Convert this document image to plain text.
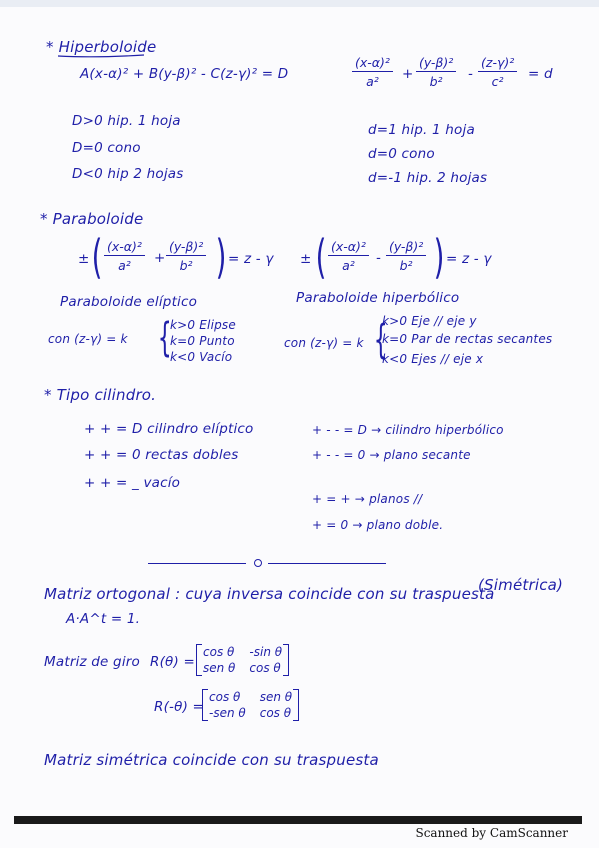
* Hiperboloide
A(x-α)² + B(y-β)² - C(z-γ)² = D	$\frac{\text{(x-α)²}}{\text{a²}} + \frac{\text{(y-β)²}}{\text{b²}} - \frac{\text{(z-γ)²}}{\text{c²}} = d$
D>0 hip. 1 hoja
D=0 cono
D<0 hip 2 hojas
d=1 hip. 1 hoja
d=0 cono
d=-1 hip. 2 hojas
* Paraboloide
± ( $\frac{\text{(x-α)²}}{\text{a²}} + \frac{\text{(y-β)²}}{\text{b²}}$ ) = z - γ ± ( $\frac{\text{(x-α)²}}{\text{a²}} - \frac{\text{(y-β)²}}{\text{b²}}$ ) = z - γ
Paraboloide elíptico
con (z-γ) = k {
k>0 Elipse
k=0 Punto
k<0 Vacío
Paraboloide hiperbólico
con (z-γ) = k {
k>0 Eje // eje y
k=0 Par de rectas secantes
k<0 Ejes // eje x
* Tipo cilindro.
+ + = D cilindro elíptico
+ + = 0 rectas dobles
+ + = _ vacío
+ - - = D → cilindro hiperbólico
+ - - = 0 → plano secante
+ = + → planos //
+ = 0 → plano doble.
Matriz ortogonal : cuya inversa coincide con su traspuesta
(Simétrica)
A·A^t = 1.
Matriz de giro R(θ) =
cos θ -sin θ
sen θ cos θ
R(-θ) =
cos θ	sen θ
-sen θ cos θ
Matriz simétrica coincide con su traspuesta
Scanned by CamScanner
